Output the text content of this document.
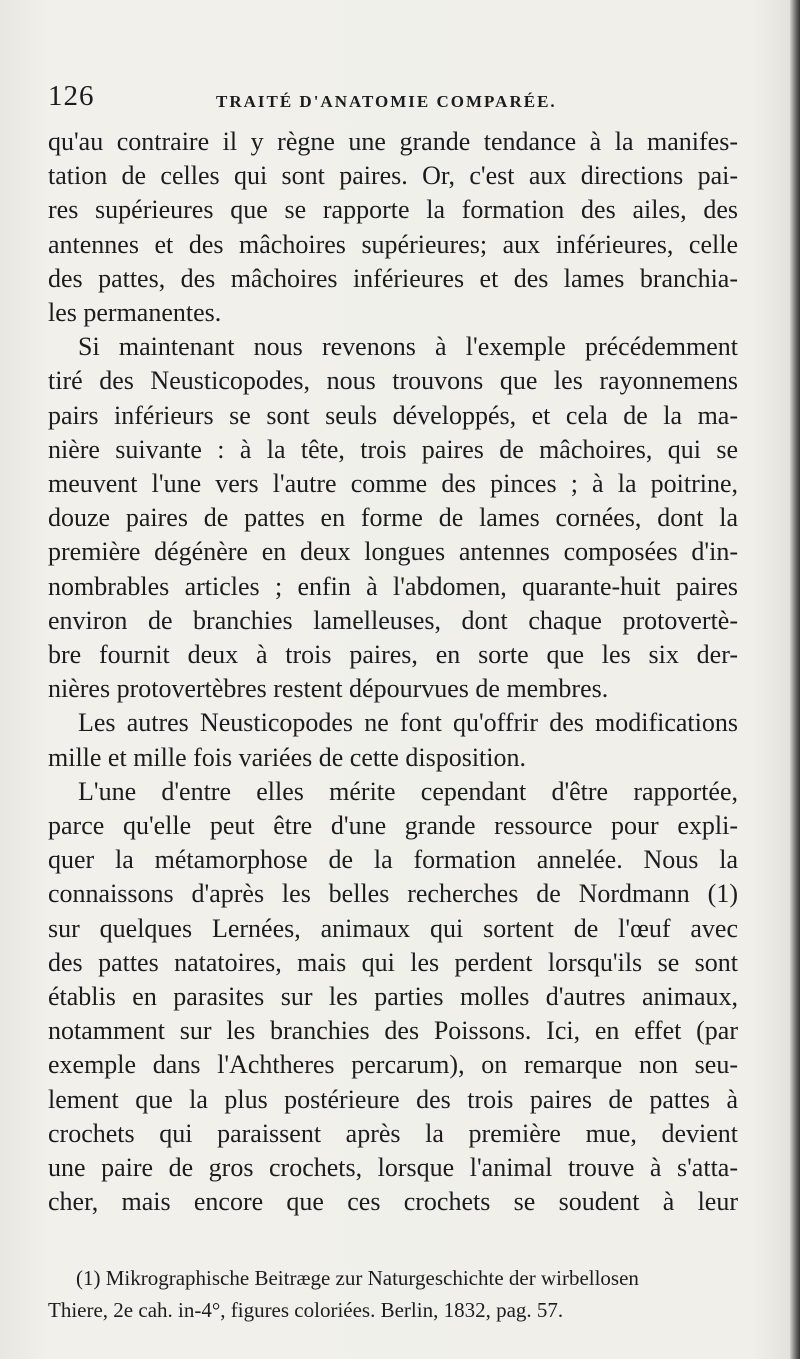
126	TRAITÉ D'ANATOMIE COMPARÉE.

qu'au contraire il y règne une grande tendance à la manifes-
tation de celles qui sont paires. Or, c'est aux directions pai-
res supérieures que se rapporte la formation des ailes, des
antennes et des mâchoires supérieures; aux inférieures, celle
des pattes, des mâchoires inférieures et des lames branchia-
les permanentes.

Si maintenant nous revenons à l'exemple précédemment
tiré des Neusticopodes, nous trouvons que les rayonnemens
pairs inférieurs se sont seuls développés, et cela de la ma-
nière suivante : à la tête, trois paires de mâchoires, qui se
meuvent l'une vers l'autre comme des pinces ; à la poitrine,
douze paires de pattes en forme de lames cornées, dont la
première dégénère en deux longues antennes composées d'in-
nombrables articles ; enfin à l'abdomen, quarante-huit paires
environ de branchies lamelleuses, dont chaque protovertè-
bre fournit deux à trois paires, en sorte que les six der-
nières protovertèbres restent dépourvues de membres.

Les autres Neusticopodes ne font qu'offrir des modifications
mille et mille fois variées de cette disposition.

L'une d'entre elles mérite cependant d'être rapportée,
parce qu'elle peut être d'une grande ressource pour expli-
quer la métamorphose de la formation annelée. Nous la
connaissons d'après les belles recherches de Nordmann (1)
sur quelques Lernées, animaux qui sortent de l'œuf avec
des pattes natatoires, mais qui les perdent lorsqu'ils se sont
établis en parasites sur les parties molles d'autres animaux,
notamment sur les branchies des Poissons. Ici, en effet (par
exemple dans l'Achtheres percarum), on remarque non seu-
lement que la plus postérieure des trois paires de pattes à
crochets qui paraissent après la première mue, devient
une paire de gros crochets, lorsque l'animal trouve à s'atta-
cher, mais encore que ces crochets se soudent à leur

(1) Mikrographische Beitræge zur Naturgeschichte der wirbellosen
Thiere, 2e cah. in-4°, figures coloriées. Berlin, 1832, pag. 57.
